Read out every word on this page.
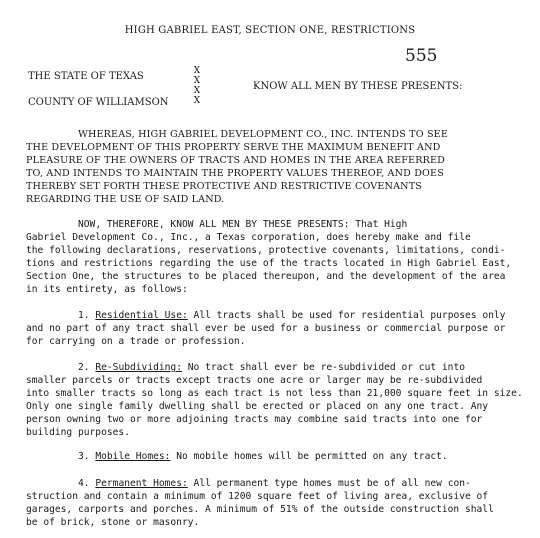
HIGH GABRIEL EAST, SECTION ONE, RESTRICTIONS
THE STATE OF TEXAS
COUNTY OF WILLIAMSON
X
X
X
X
555
KNOW ALL MEN BY THESE PRESENTS:
WHEREAS, HIGH GABRIEL DEVELOPMENT CO., INC. INTENDS TO SEE
THE DEVELOPMENT OF THIS PROPERTY SERVE THE MAXIMUM BENEFIT AND
PLEASURE OF THE OWNERS OF TRACTS AND HOMES IN THE AREA REFERRED
TO, AND INTENDS TO MAINTAIN THE PROPERTY VALUES THEREOF, AND DOES
THEREBY SET FORTH THESE PROTECTIVE AND RESTRICTIVE COVENANTS
REGARDING THE USE OF SAID LAND.
NOW, THEREFORE, KNOW ALL MEN BY THESE PRESENTS: That High
Gabriel Development Co., Inc., a Texas corporation, does hereby make and file
the following declarations, reservations, protective covenants, limitations, condi-
tions and restrictions regarding the use of the tracts located in High Gabriel East,
Section One, the structures to be placed thereupon, and the development of the area
in its entirety, as follows:
1. Residential Use: All tracts shall be used for residential purposes only
and no part of any tract shall ever be used for a business or commercial purpose or
for carrying on a trade or profession.
2. Re-Subdividing: No tract shall ever be re-subdivided or cut into
smaller parcels or tracts except tracts one acre or larger may be re-subdivided
into smaller tracts so long as each tract is not less than 21,000 square feet in size.
Only one single family dwelling shall be erected or placed on any one tract. Any
person owning two or more adjoining tracts may combine said tracts into one for
building purposes.
3. Mobile Homes: No mobile homes will be permitted on any tract.
4. Permanent Homes: All permanent type homes must be of all new con-
struction and contain a minimum of 1200 square feet of living area, exclusive of
garages, carports and porches. A minimum of 51% of the outside construction shall
be of brick, stone or masonry.
